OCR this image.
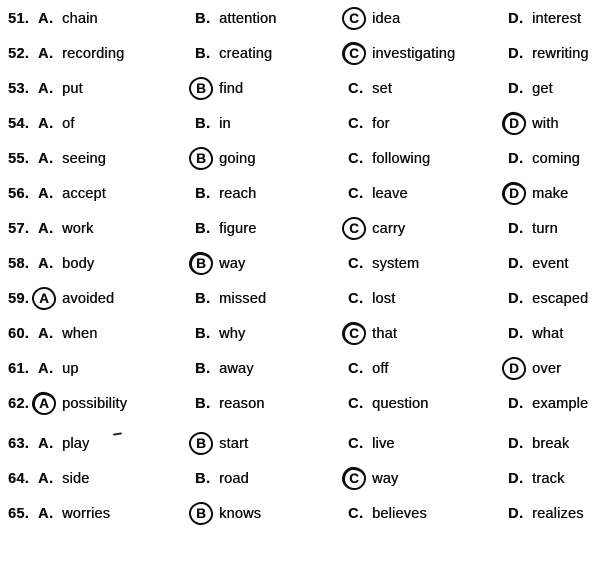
51. A. chain	B. attention	C idea	D. interest
52. A. recording	B. creating	C investigating	D. rewriting
53. A. put	B find	C. set	D. get
54. A. of	B. in	C. for	D with
55. A. seeing	B going	C. following	D. coming
56. A. accept	B. reach	C. leave	D make
57. A. work	B. figure	C carry	D. turn
58. A. body	B way	C. system	D. event
59. A avoided	B. missed	C. lost	D. escaped
60. A. when	B. why	C that	D. what
61. A. up	B. away	C. off	D over
62. A possibility	B. reason	C. question	D. example
63. A. play	B start	C. live	D. break
64. A. side	B. road	C way	D. track
65. A. worries	B knows	C. believes	D. realizes
